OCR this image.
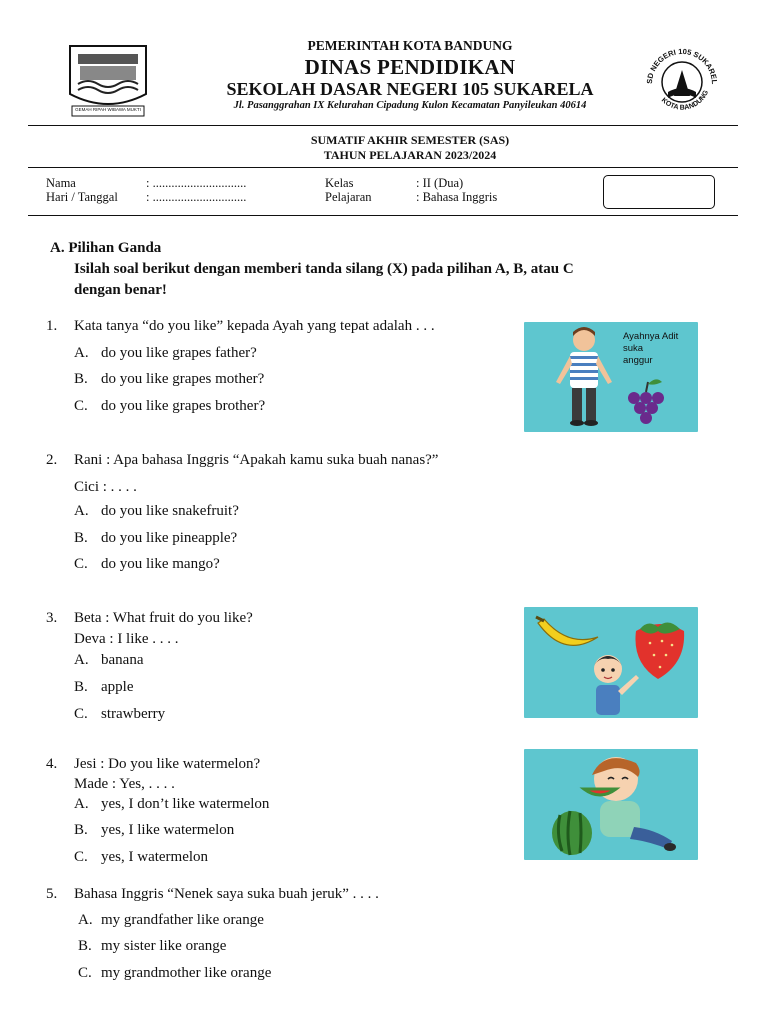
GEMAH RIPAH WIBAWA MUKTI
PEMERINTAH KOTA BANDUNG
DINAS PENDIDIKAN
SEKOLAH DASAR NEGERI 105 SUKARELA
Jl. Pasanggrahan IX Kelurahan Cipadung Kulon Kecamatan Panyileukan 40614
SD NEGERI 105 SUKAREL
KOTA BANDUNG
SUMATIF AKHIR SEMESTER (SAS)
TAHUN PELAJARAN 2023/2024
Nama	: ..............................
Hari / Tanggal : ..............................
Kelas	: II (Dua)
Pelajaran	: Bahasa Inggris
A. Pilihan Ganda
Isilah soal berikut dengan memberi tanda silang (X) pada pilihan A, B, atau C
dengan benar!
1. Kata tanya “do you like” kepada Ayah yang tepat adalah . . .
A. do you like grapes father?
B. do you like grapes mother?
C. do you like grapes brother?
Ayahnya Adit
suka
anggur
2. Rani : Apa bahasa Inggris “Apakah kamu suka buah nanas?”
Cici : . . . .
A. do you like snakefruit?
B. do you like pineapple?
C. do you like mango?
3. Beta : What fruit do you like?
Deva : I like . . . .
A. banana
B. apple
C. strawberry
4. Jesi : Do you like watermelon?
Made : Yes, . . . .
A. yes, I don’t like watermelon
B. yes, I like watermelon
C. yes, I watermelon
5. Bahasa Inggris “Nenek saya suka buah jeruk” . . . .
A. my grandfather like orange
B. my sister like orange
C. my grandmother like orange
